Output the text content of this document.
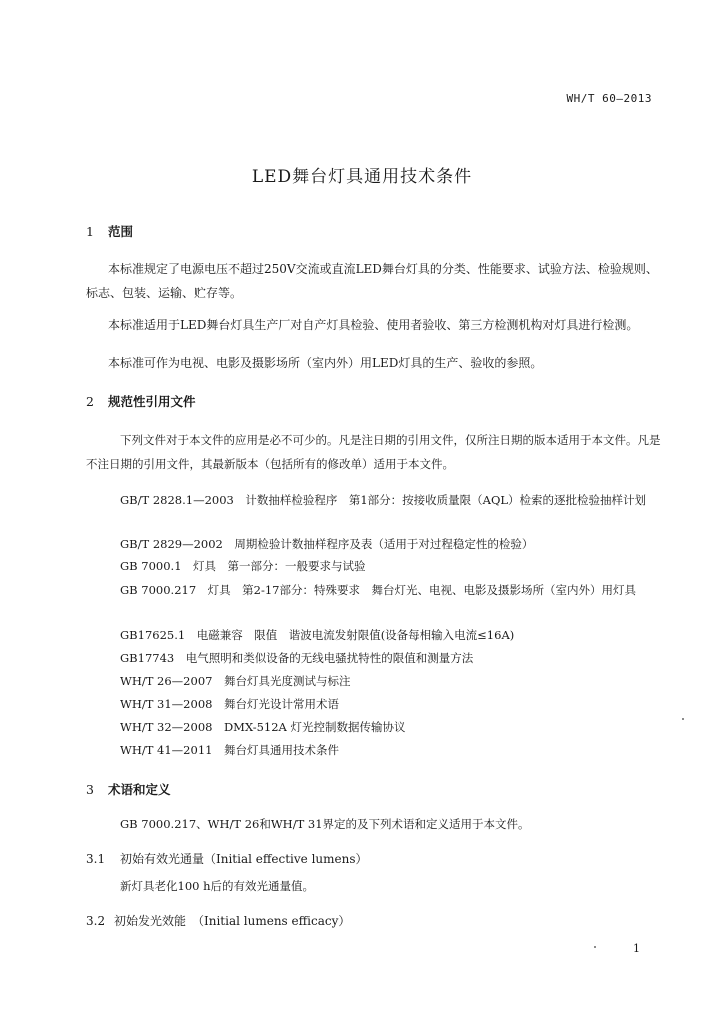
WH/T 60—2013
LED舞台灯具通用技术条件
1 范围
本标准规定了电源电压不超过250V交流或直流LED舞台灯具的分类、性能要求、试验方法、检验规则、标志、包装、运输、贮存等。
本标准适用于LED舞台灯具生产厂对自产灯具检验、使用者验收、第三方检测机构对灯具进行检测。
本标准可作为电视、电影及摄影场所（室内外）用LED灯具的生产、验收的参照。
2 规范性引用文件
下列文件对于本文件的应用是必不可少的。凡是注日期的引用文件，仅所注日期的版本适用于本文件。凡是不注日期的引用文件，其最新版本（包括所有的修改单）适用于本文件。
GB/T 2828.1—2003　计数抽样检验程序　第1部分：按接收质量限（AQL）检索的逐批检验抽样计划
GB/T 2829—2002　周期检验计数抽样程序及表（适用于对过程稳定性的检验）
GB 7000.1　灯具　第一部分：一般要求与试验
GB 7000.217　灯具　第2-17部分：特殊要求　舞台灯光、电视、电影及摄影场所（室内外）用灯具
GB17625.1　电磁兼容　限值　谐波电流发射限值(设备每相输入电流≤16A)
GB17743　电气照明和类似设备的无线电骚扰特性的限值和测量方法
WH/T 26—2007　舞台灯具光度测试与标注
WH/T 31—2008　舞台灯光设计常用术语
WH/T 32—2008　DMX-512A 灯光控制数据传输协议
WH/T 41—2011　舞台灯具通用技术条件
3 术语和定义
GB 7000.217、WH/T 26和WH/T 31界定的及下列术语和定义适用于本文件。
3.1 初始有效光通量（Initial effective lumens）
新灯具老化100 h后的有效光通量值。
3.2 初始发光效能　（Initial lumens efficacy）
1
